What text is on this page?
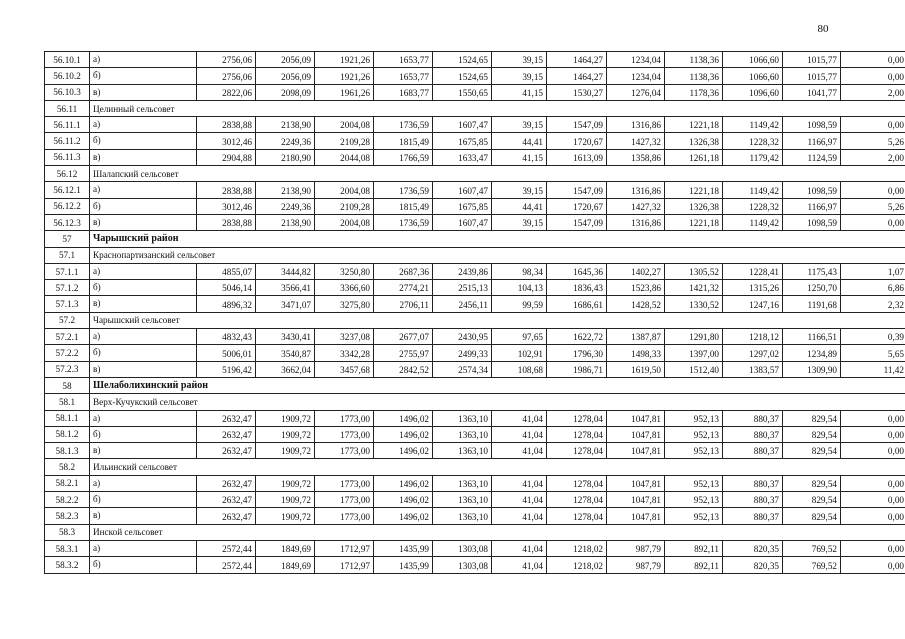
80
56.10.1	а)	2756,06	2056,09	1921,26	1653,77	1524,65	39,15	1464,27	1234,04	1138,36	1066,60	1015,77	0,00
56.10.2	б)	2756,06	2056,09	1921,26	1653,77	1524,65	39,15	1464,27	1234,04	1138,36	1066,60	1015,77	0,00
56.10.3	в)	2822,06	2098,09	1961,26	1683,77	1550,65	41,15	1530,27	1276,04	1178,36	1096,60	1041,77	2,00
56.11	Целинный сельсовет												
56.11.1	а)	2838,88	2138,90	2004,08	1736,59	1607,47	39,15	1547,09	1316,86	1221,18	1149,42	1098,59	0,00
56.11.2	б)	3012,46	2249,36	2109,28	1815,49	1675,85	44,41	1720,67	1427,32	1326,38	1228,32	1166,97	5,26
56.11.3	в)	2904,88	2180,90	2044,08	1766,59	1633,47	41,15	1613,09	1358,86	1261,18	1179,42	1124,59	2,00
56.12	Шалапский сельсовет												
56.12.1	а)	2838,88	2138,90	2004,08	1736,59	1607,47	39,15	1547,09	1316,86	1221,18	1149,42	1098,59	0,00
56.12.2	б)	3012,46	2249,36	2109,28	1815,49	1675,85	44,41	1720,67	1427,32	1326,38	1228,32	1166,97	5,26
56.12.3	в)	2838,88	2138,90	2004,08	1736,59	1607,47	39,15	1547,09	1316,86	1221,18	1149,42	1098,59	0,00
57	Чарышский район												
57.1	Краснопартизанский сельсовет												
57.1.1	а)	4855,07	3444,82	3250,80	2687,36	2439,86	98,34	1645,36	1402,27	1305,52	1228,41	1175,43	1,07
57.1.2	б)	5046,14	3566,41	3366,60	2774,21	2515,13	104,13	1836,43	1523,86	1421,32	1315,26	1250,70	6,86
57.1.3	в)	4896,32	3471,07	3275,80	2706,11	2456,11	99,59	1686,61	1428,52	1330,52	1247,16	1191,68	2,32
57.2	Чарышский сельсовет												
57.2.1	а)	4832,43	3430,41	3237,08	2677,07	2430,95	97,65	1622,72	1387,87	1291,80	1218,12	1166,51	0,39
57.2.2	б)	5006,01	3540,87	3342,28	2755,97	2499,33	102,91	1796,30	1498,33	1397,00	1297,02	1234,89	5,65
57.2.3	в)	5196,42	3662,04	3457,68	2842,52	2574,34	108,68	1986,71	1619,50	1512,40	1383,57	1309,90	11,42
58	Шелаболихинский район												
58.1	Верх-Кучукский сельсовет												
58.1.1	а)	2632,47	1909,72	1773,00	1496,02	1363,10	41,04	1278,04	1047,81	952,13	880,37	829,54	0,00
58.1.2	б)	2632,47	1909,72	1773,00	1496,02	1363,10	41,04	1278,04	1047,81	952,13	880,37	829,54	0,00
58.1.3	в)	2632,47	1909,72	1773,00	1496,02	1363,10	41,04	1278,04	1047,81	952,13	880,37	829,54	0,00
58.2	Ильинский сельсовет												
58.2.1	а)	2632,47	1909,72	1773,00	1496,02	1363,10	41,04	1278,04	1047,81	952,13	880,37	829,54	0,00
58.2.2	б)	2632,47	1909,72	1773,00	1496,02	1363,10	41,04	1278,04	1047,81	952,13	880,37	829,54	0,00
58.2.3	в)	2632,47	1909,72	1773,00	1496,02	1363,10	41,04	1278,04	1047,81	952,13	880,37	829,54	0,00
58.3	Инской сельсовет												
58.3.1	а)	2572,44	1849,69	1712,97	1435,99	1303,08	41,04	1218,02	987,79	892,11	820,35	769,52	0,00
58.3.2	б)	2572,44	1849,69	1712,97	1435,99	1303,08	41,04	1218,02	987,79	892,11	820,35	769,52	0,00
